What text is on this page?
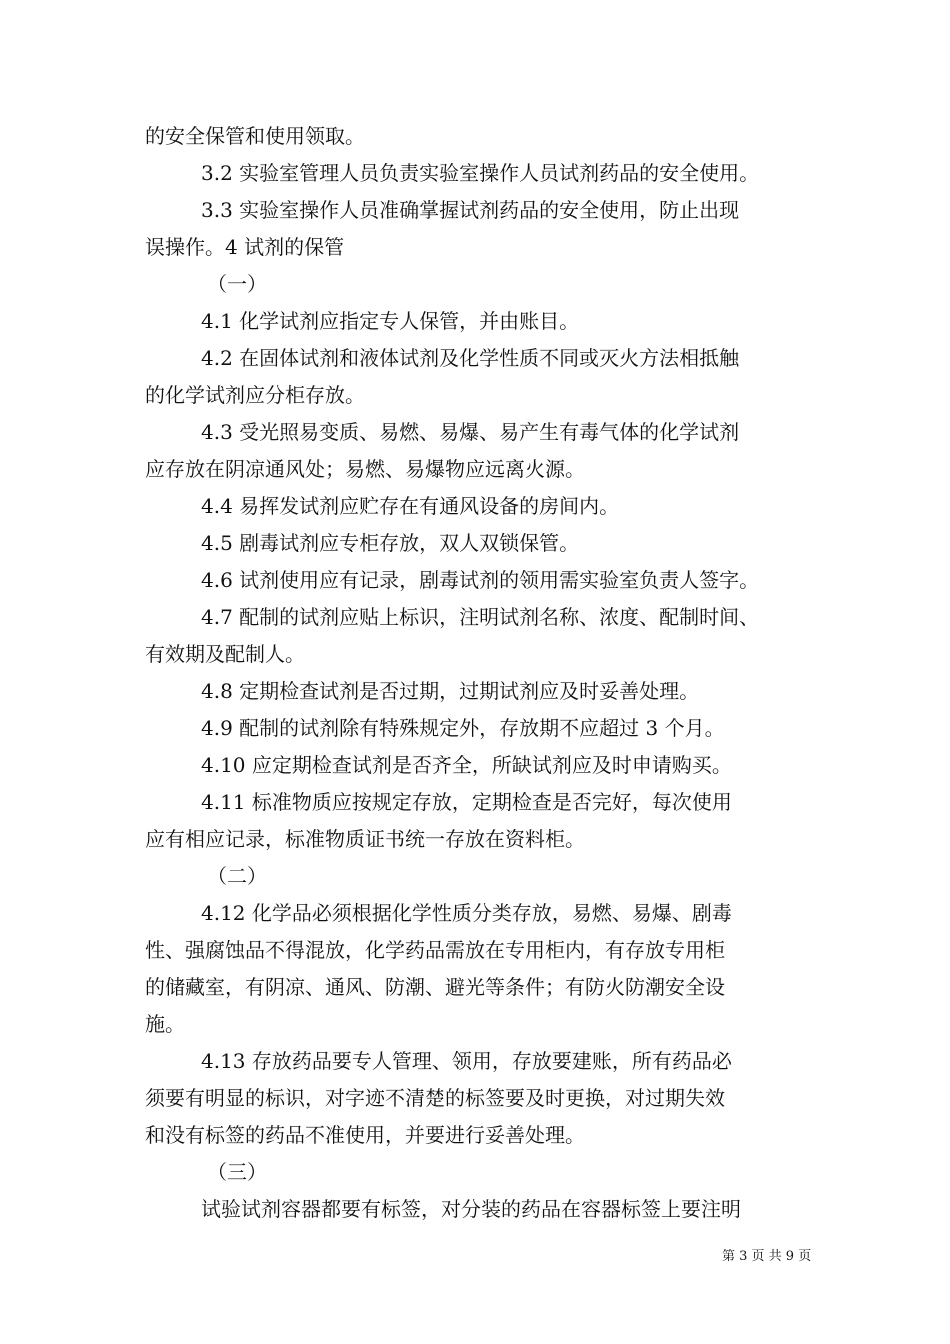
的安全保管和使用领取。

3.2 实验室管理人员负责实验室操作人员试剂药品的安全使用。

3.3 实验室操作人员准确掌握试剂药品的安全使用，防止出现

误操作。4 试剂的保管

（一）

4.1 化学试剂应指定专人保管，并由账目。

4.2 在固体试剂和液体试剂及化学性质不同或灭火方法相抵触

的化学试剂应分柜存放。

4.3 受光照易变质、易燃、易爆、易产生有毒气体的化学试剂

应存放在阴凉通风处；易燃、易爆物应远离火源。

4.4 易挥发试剂应贮存在有通风设备的房间内。

4.5 剧毒试剂应专柜存放，双人双锁保管。

4.6 试剂使用应有记录，剧毒试剂的领用需实验室负责人签字。

4.7 配制的试剂应贴上标识，注明试剂名称、浓度、配制时间、

有效期及配制人。

4.8 定期检查试剂是否过期，过期试剂应及时妥善处理。

4.9 配制的试剂除有特殊规定外，存放期不应超过 3 个月。

4.10 应定期检查试剂是否齐全，所缺试剂应及时申请购买。

4.11 标准物质应按规定存放，定期检查是否完好，每次使用

应有相应记录，标准物质证书统一存放在资料柜。

（二）

4.12 化学品必须根据化学性质分类存放，易燃、易爆、剧毒

性、强腐蚀品不得混放，化学药品需放在专用柜内，有存放专用柜

的储藏室，有阴凉、通风、防潮、避光等条件；有防火防潮安全设

施。

4.13 存放药品要专人管理、领用，存放要建账，所有药品必

须要有明显的标识，对字迹不清楚的标签要及时更换，对过期失效

和没有标签的药品不准使用，并要进行妥善处理。

（三）

试验试剂容器都要有标签，对分装的药品在容器标签上要注明

第 3 页 共 9 页
